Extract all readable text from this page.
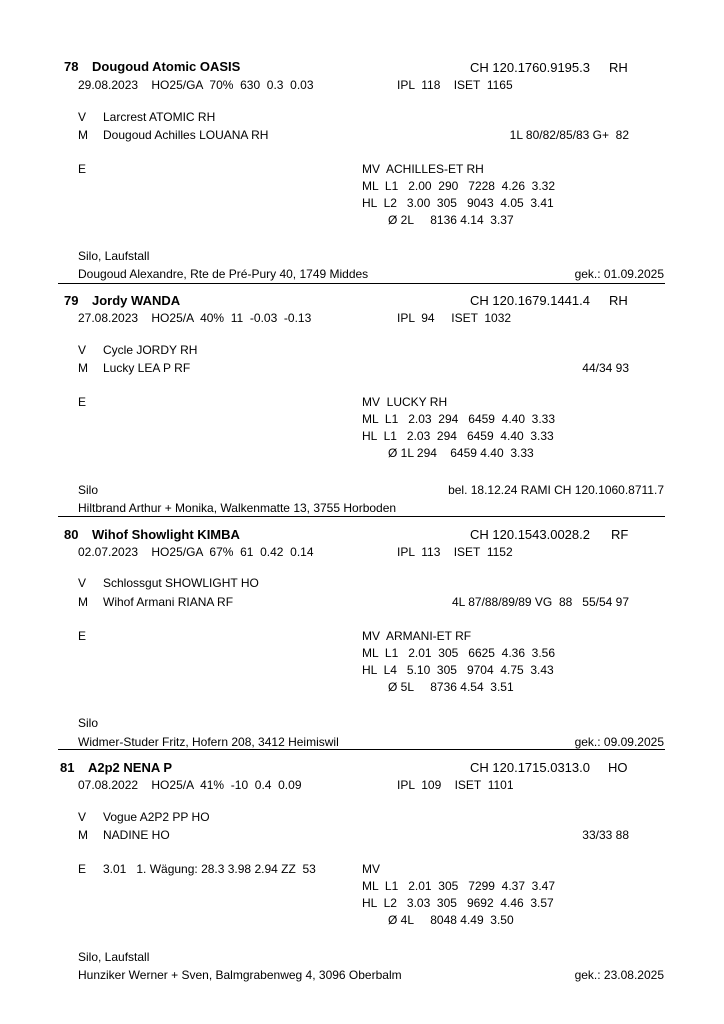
78 Dougoud Atomic OASIS	CH 120.1760.9195.3 RH
29.08.2023    HO25/GA  70%  630  0.3  0.03	IPL  118    ISET  1165
V Larcrest ATOMIC RH
M Dougoud Achilles LOUANA RH	1L 80/82/85/83 G+  82
E	MV  ACHILLES-ET RH
ML  L1   2.00  290   7228  4.26  3.32
HL  L2   3.00  305   9043  4.05  3.41
Ø 2L     8136 4.14  3.37
Silo, Laufstall
Dougoud Alexandre, Rte de Pré-Pury 40, 1749 Middes	gek.: 01.09.2025
79 Jordy WANDA	CH 120.1679.1441.4 RH
27.08.2023    HO25/A  40%  11  -0.03  -0.13	IPL  94     ISET  1032
V Cycle JORDY RH
M Lucky LEA P RF	44/34 93
E	MV  LUCKY RH
ML  L1   2.03  294   6459  4.40  3.33
HL  L1   2.03  294   6459  4.40  3.33
Ø 1L 294    6459 4.40  3.33
Silo	bel. 18.12.24 RAMI CH 120.1060.8711.7
Hiltbrand Arthur + Monika, Walkenmatte 13, 3755 Horboden
80 Wihof Showlight KIMBA	CH 120.1543.0028.2 RF
02.07.2023    HO25/GA  67%  61  0.42  0.14	IPL  113    ISET  1152
V Schlossgut SHOWLIGHT HO
M Wihof Armani RIANA RF	4L 87/88/89/89 VG  88   55/54 97
E	MV  ARMANI-ET RF
ML  L1   2.01  305   6625  4.36  3.56
HL  L4   5.10  305   9704  4.75  3.43
Ø 5L     8736 4.54  3.51
Silo
Widmer-Studer Fritz, Hofern 208, 3412 Heimiswil	gek.: 09.09.2025
81 A2p2 NENA P	CH 120.1715.0313.0 HO
07.08.2022    HO25/A  41%  -10  0.4  0.09	IPL  109    ISET  1101
V Vogue A2P2 PP HO
M NADINE HO	33/33 88
E 3.01   1. Wägung: 28.3 3.98 2.94 ZZ  53	MV
ML  L1   2.01  305   7299  4.37  3.47
HL  L2   3.03  305   9692  4.46  3.57
Ø 4L     8048 4.49  3.50
Silo, Laufstall
Hunziker Werner + Sven, Balmgrabenweg 4, 3096 Oberbalm	gek.: 23.08.2025
